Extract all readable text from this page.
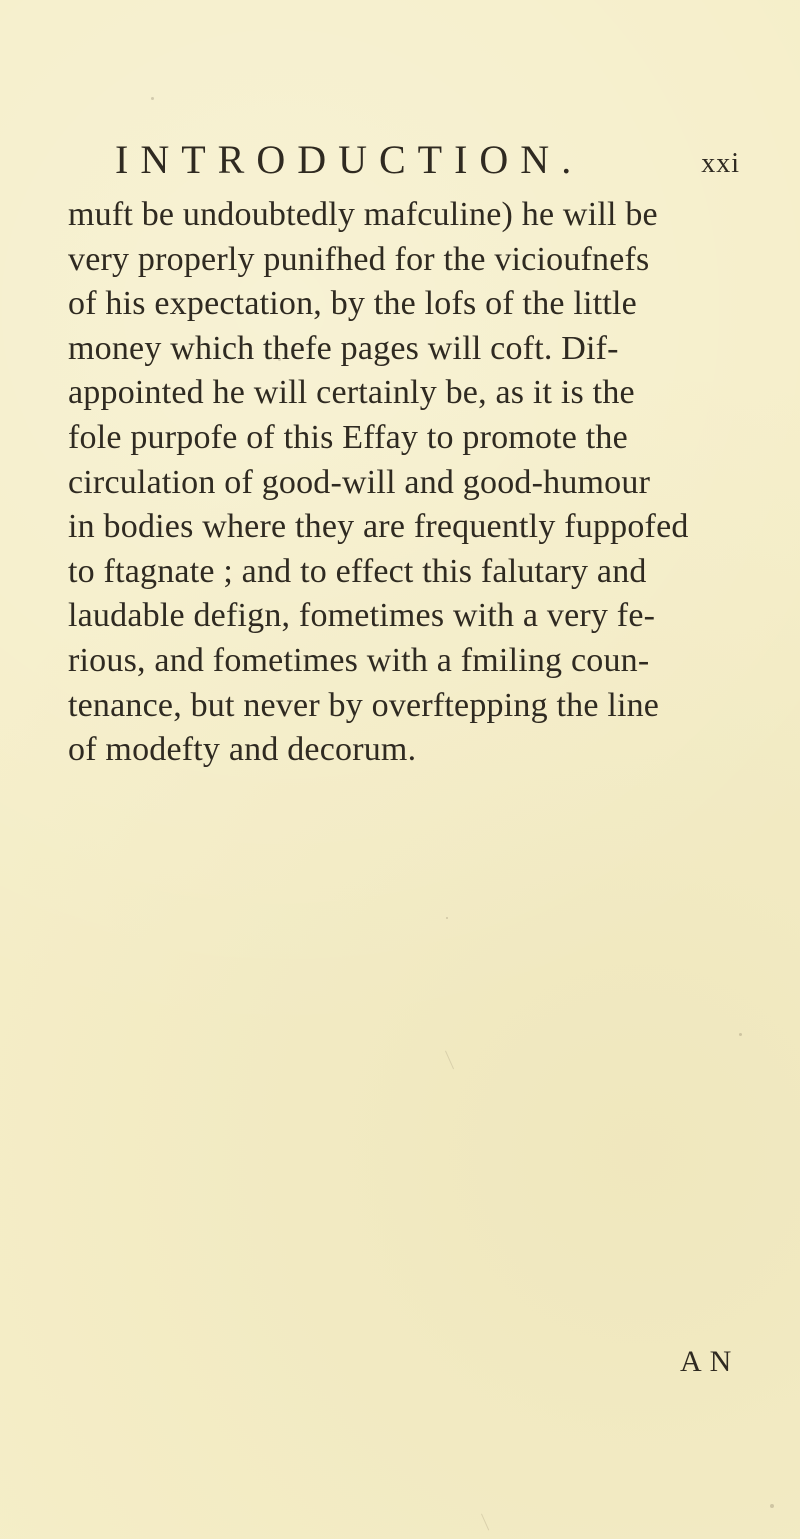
INTRODUCTION.	xxi
muft be undoubtedly mafculine) he will be
very properly punifhed for the vicioufnefs
of his expectation, by the lofs of the little
money which thefe pages will coft. Dif-
appointed he will certainly be, as it is the
fole purpofe of this Effay to promote the
circulation of good-will and good-humour
in bodies where they are frequently fuppofed
to ftagnate ; and to effect this falutary and
laudable defign, fometimes with a very fe-
rious, and fometimes with a fmiling coun-
tenance, but never by overftepping the line
of modefty and decorum.
AN
